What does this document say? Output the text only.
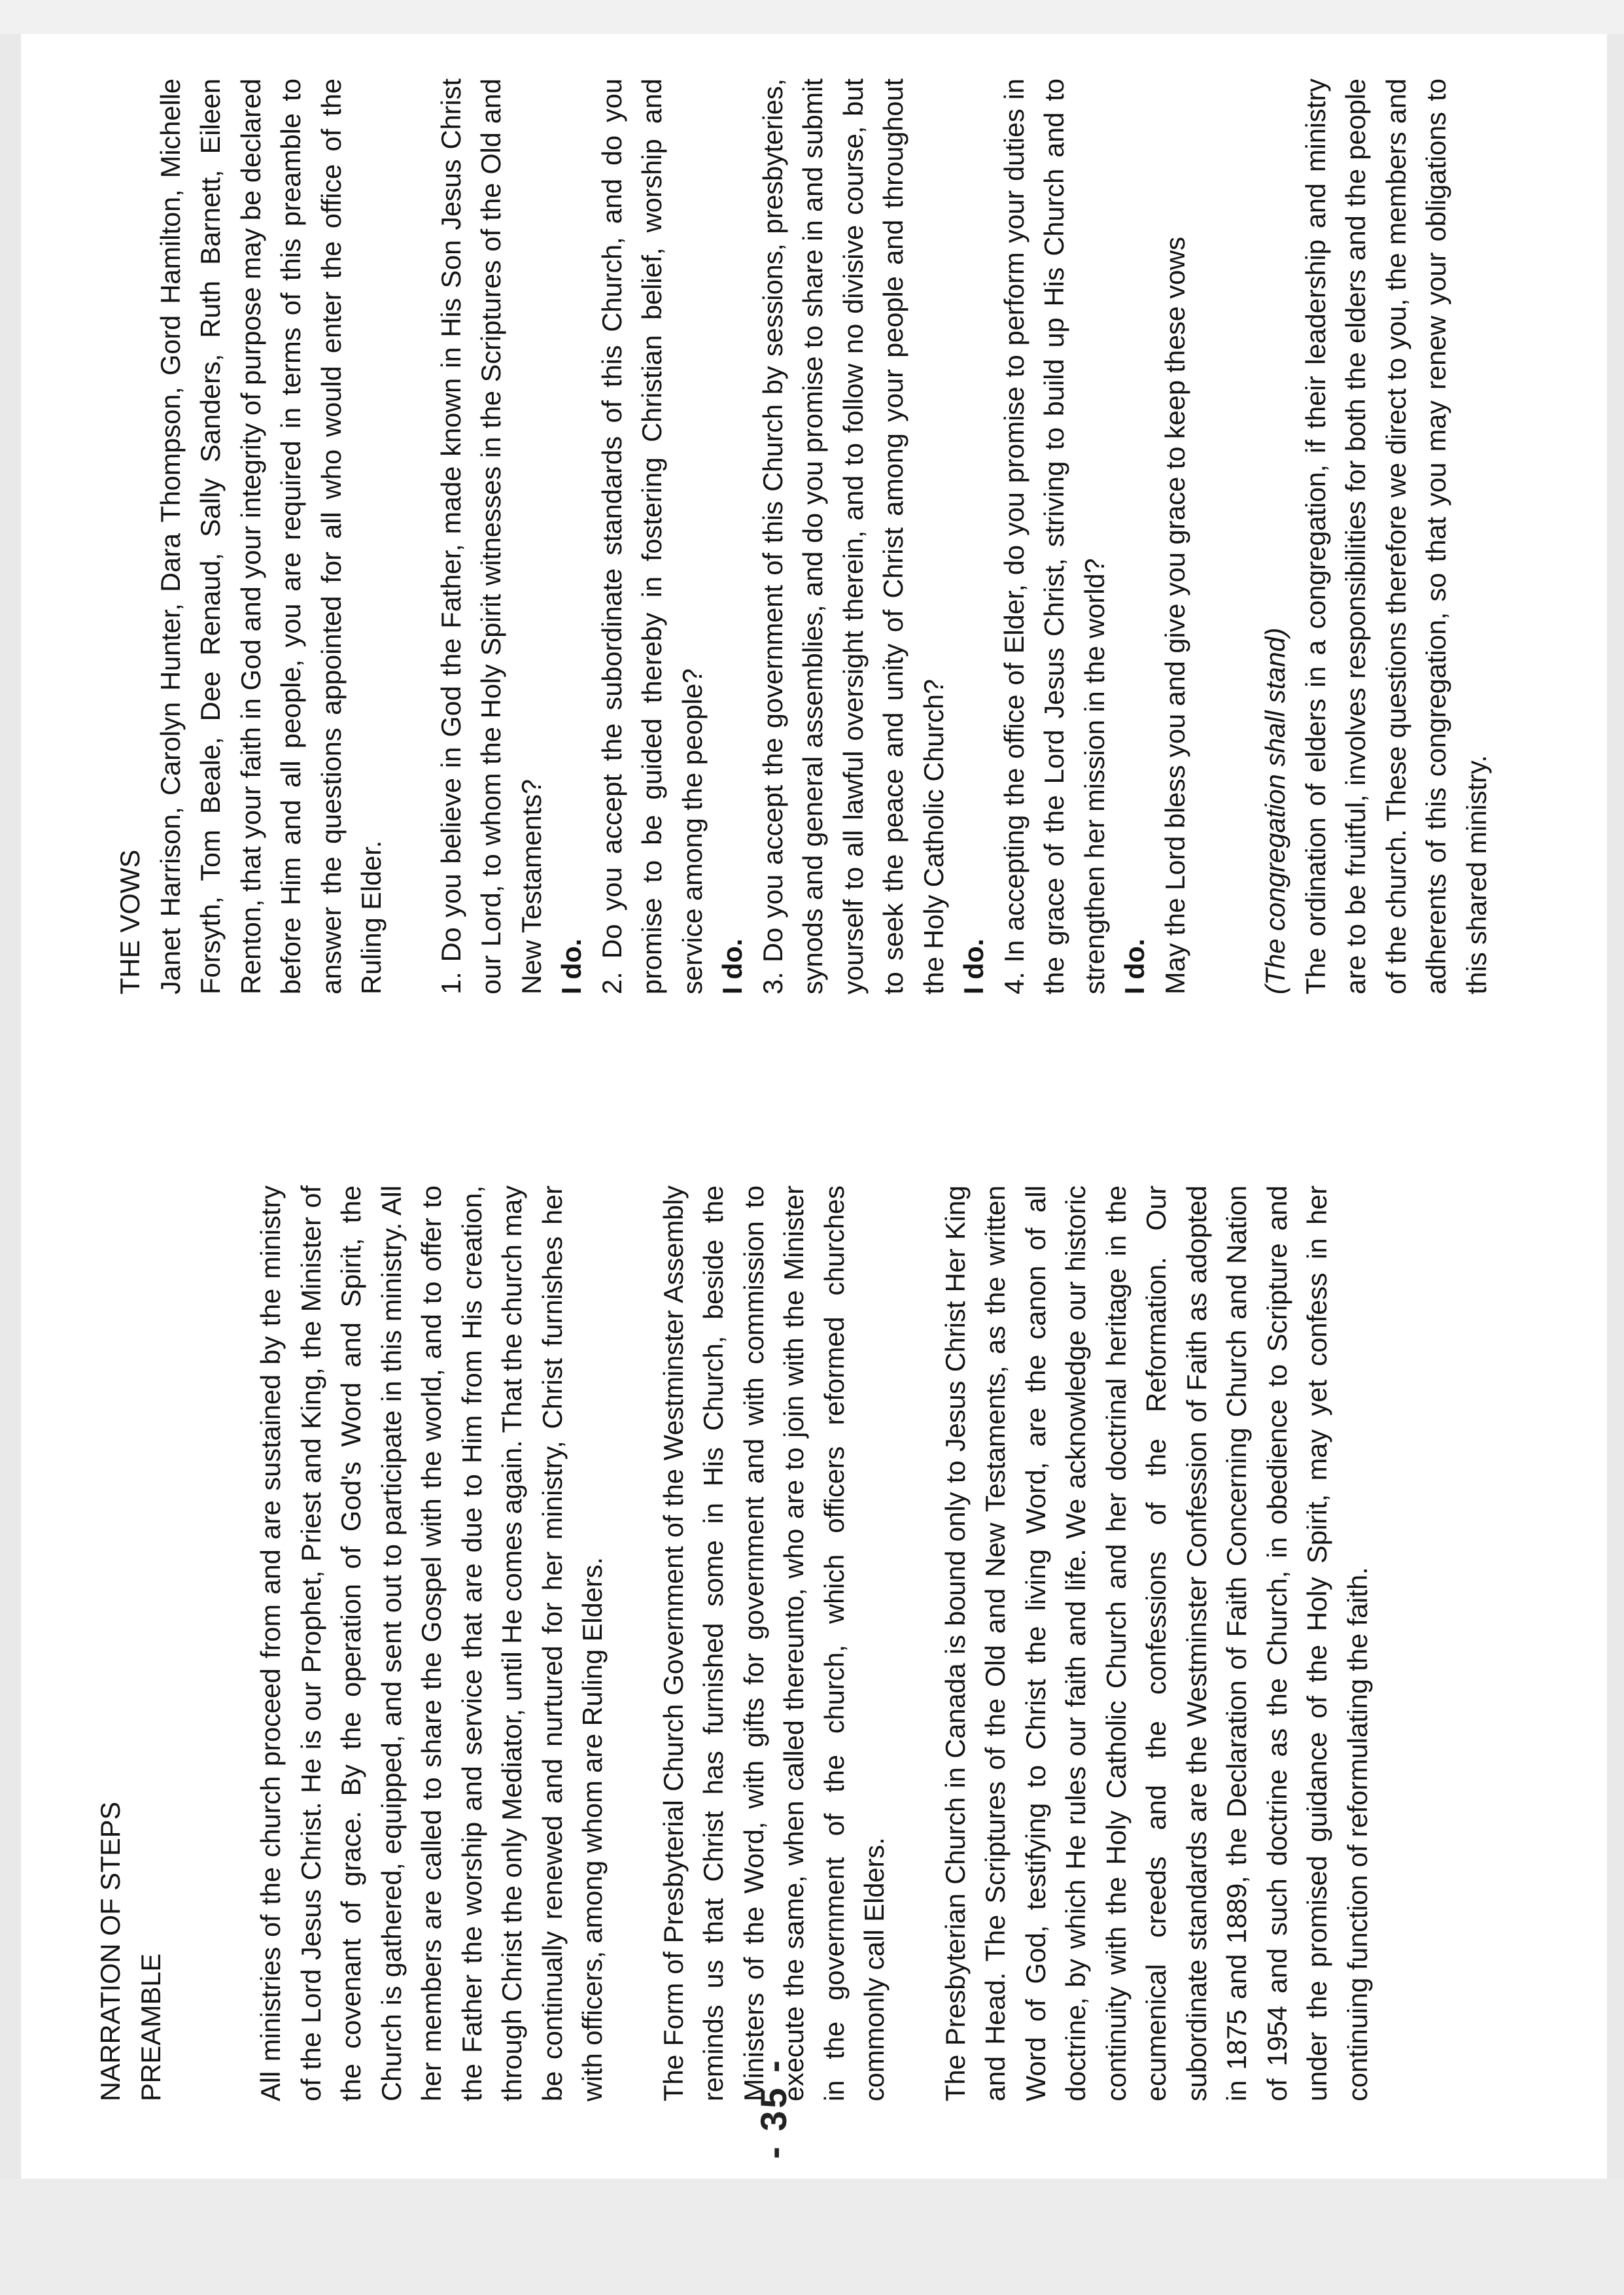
NARRATION OF STEPS PREAMBLE	All ministries of the church proceed from and are sustained by the ministry of the Lord Jesus Christ. He is our Prophet, Priest and King, the Minister of the covenant of grace. By the operation of God's Word and Spirit, the Church is gathered, equipped, and sent out to participate in this ministry. All her members are called to share the Gospel with the world, and to offer to the Father the worship and service that are due to Him from His creation, through Christ the only Mediator, until He comes again. That the church may be continually renewed and nurtured for her ministry, Christ furnishes her with officers, among whom are Ruling Elders. The Form of Presbyterial Church Government of the Westminster Assembly reminds us that Christ has furnished some in His Church, beside the Ministers of the Word, with gifts for government and with commission to execute the same, when called thereunto, who are to join with the Minister in the government of the church, which officers reformed churches commonly call Elders. The Presbyterian Church in Canada is bound only to Jesus Christ Her King and Head. The Scriptures of the Old and New Testaments, as the written Word of God, testifying to Christ the living Word, are the canon of all doctrine, by which He rules our faith and life. We acknowledge our historic continuity with the Holy Catholic Church and her doctrinal heritage in the ecumenical creeds and the confessions of the Reformation. Our subordinate standards are the Westminster Confession of Faith as adopted in 1875 and 1889, the Declaration of Faith Concerning Church and Nation of 1954 and such doctrine as the Church, in obedience to Scripture and under the promised guidance of the Holy Spirit, may yet confess in her continuing function of reformulating the faith.

THE VOWS Janet Harrison, Carolyn Hunter, Dara Thompson, Gord Hamilton, Michelle Forsyth, Tom Beale, Dee Renaud, Sally Sanders, Ruth Barnett, Eileen Renton, that your faith in God and your integrity of purpose may be declared before Him and all people, you are required in terms of this preamble to answer the questions appointed for all who would enter the office of the Ruling Elder. 1. Do you believe in God the Father, made known in His Son Jesus Christ our Lord, to whom the Holy Spirit witnesses in the Scriptures of the Old and New Testaments? I do. 2. Do you accept the subordinate standards of this Church, and do you promise to be guided thereby in fostering Christian belief, worship and service among the people? I do. 3. Do you accept the government of this Church by sessions, presbyteries, synods and general assemblies, and do you promise to share in and submit yourself to all lawful oversight therein, and to follow no divisive course, but to seek the peace and unity of Christ among your people and throughout the Holy Catholic Church? I do. 4. In accepting the office of Elder, do you promise to perform your duties in the grace of the Lord Jesus Christ, striving to build up His Church and to strengthen her mission in the world? I do. May the Lord bless you and give you grace to keep these vows	(The congregation shall stand) The ordination of elders in a congregation, if their leadership and ministry are to be fruitful, involves responsibilities for both the elders and the people of the church. These questions therefore we direct to you, the members and adherents of this congregation, so that you may renew your obligations to this shared ministry.

- 35 -
